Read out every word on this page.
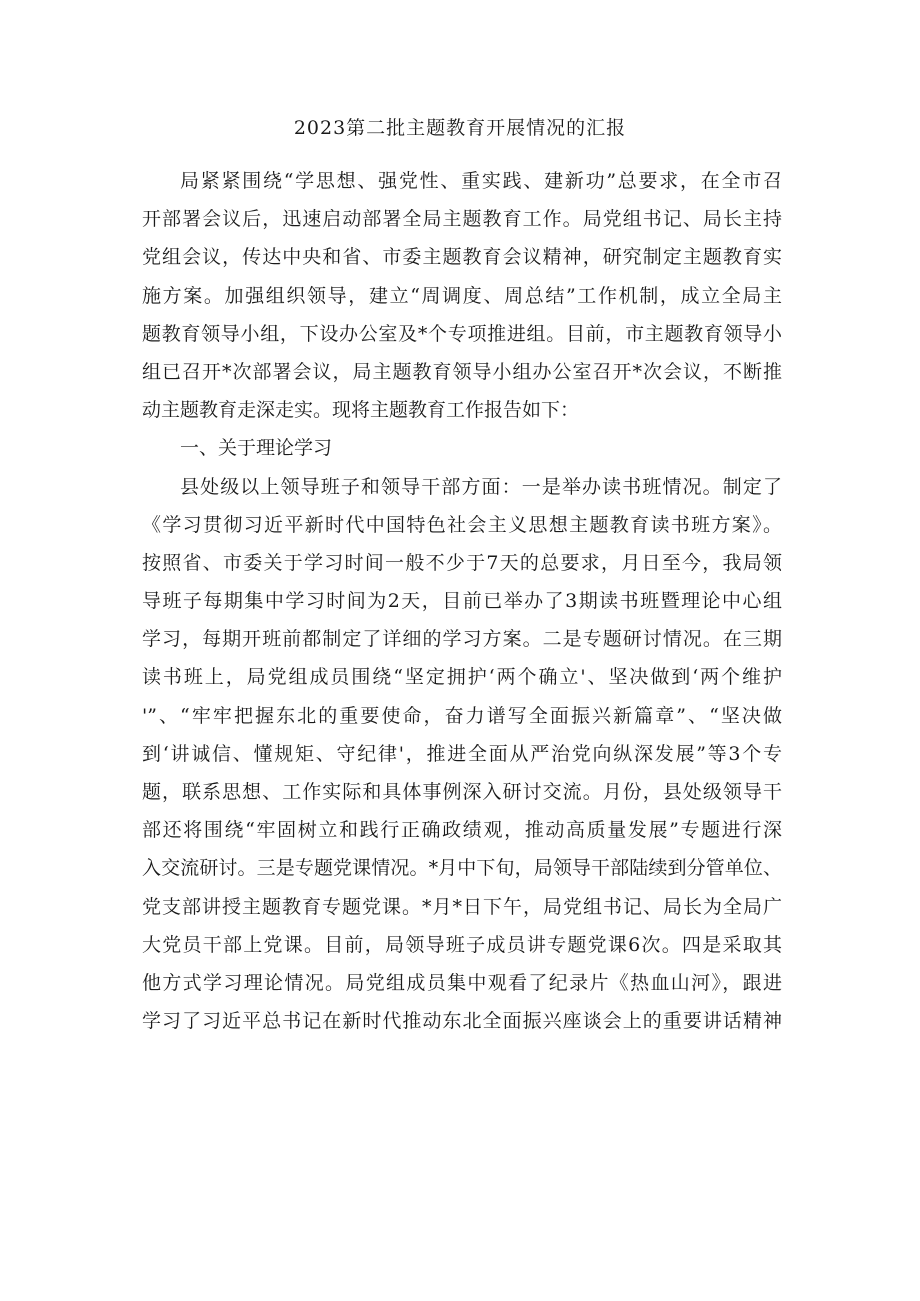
2023第二批主题教育开展情况的汇报
局紧紧围绕“学思想、强党性、重实践、建新功”总要求，在全市召
开部署会议后，迅速启动部署全局主题教育工作。局党组书记、局长主持
党组会议，传达中央和省、市委主题教育会议精神，研究制定主题教育实
施方案。加强组织领导，建立“周调度、周总结”工作机制，成立全局主
题教育领导小组，下设办公室及*个专项推进组。目前，市主题教育领导小
组已召开*次部署会议，局主题教育领导小组办公室召开*次会议，不断推
动主题教育走深走实。现将主题教育工作报告如下：
一、关于理论学习
县处级以上领导班子和领导干部方面：一是举办读书班情况。制定了
《学习贯彻习近平新时代中国特色社会主义思想主题教育读书班方案》。
按照省、市委关于学习时间一般不少于7天的总要求，月日至今，我局领
导班子每期集中学习时间为2天，目前已举办了3期读书班暨理论中心组
学习，每期开班前都制定了详细的学习方案。二是专题研讨情况。在三期
读书班上，局党组成员围绕“坚定拥护‘两个确立'、坚决做到‘两个维护
'”、“牢牢把握东北的重要使命，奋力谱写全面振兴新篇章”、“坚决做
到‘讲诚信、懂规矩、守纪律'，推进全面从严治党向纵深发展”等3个专
题，联系思想、工作实际和具体事例深入研讨交流。月份，县处级领导干
部还将围绕“牢固树立和践行正确政绩观，推动高质量发展”专题进行深
入交流研讨。三是专题党课情况。*月中下旬，局领导干部陆续到分管单位、
党支部讲授主题教育专题党课。*月*日下午，局党组书记、局长为全局广
大党员干部上党课。目前，局领导班子成员讲专题党课6次。四是采取其
他方式学习理论情况。局党组成员集中观看了纪录片《热血山河》，跟进
学习了习近平总书记在新时代推动东北全面振兴座谈会上的重要讲话精神
